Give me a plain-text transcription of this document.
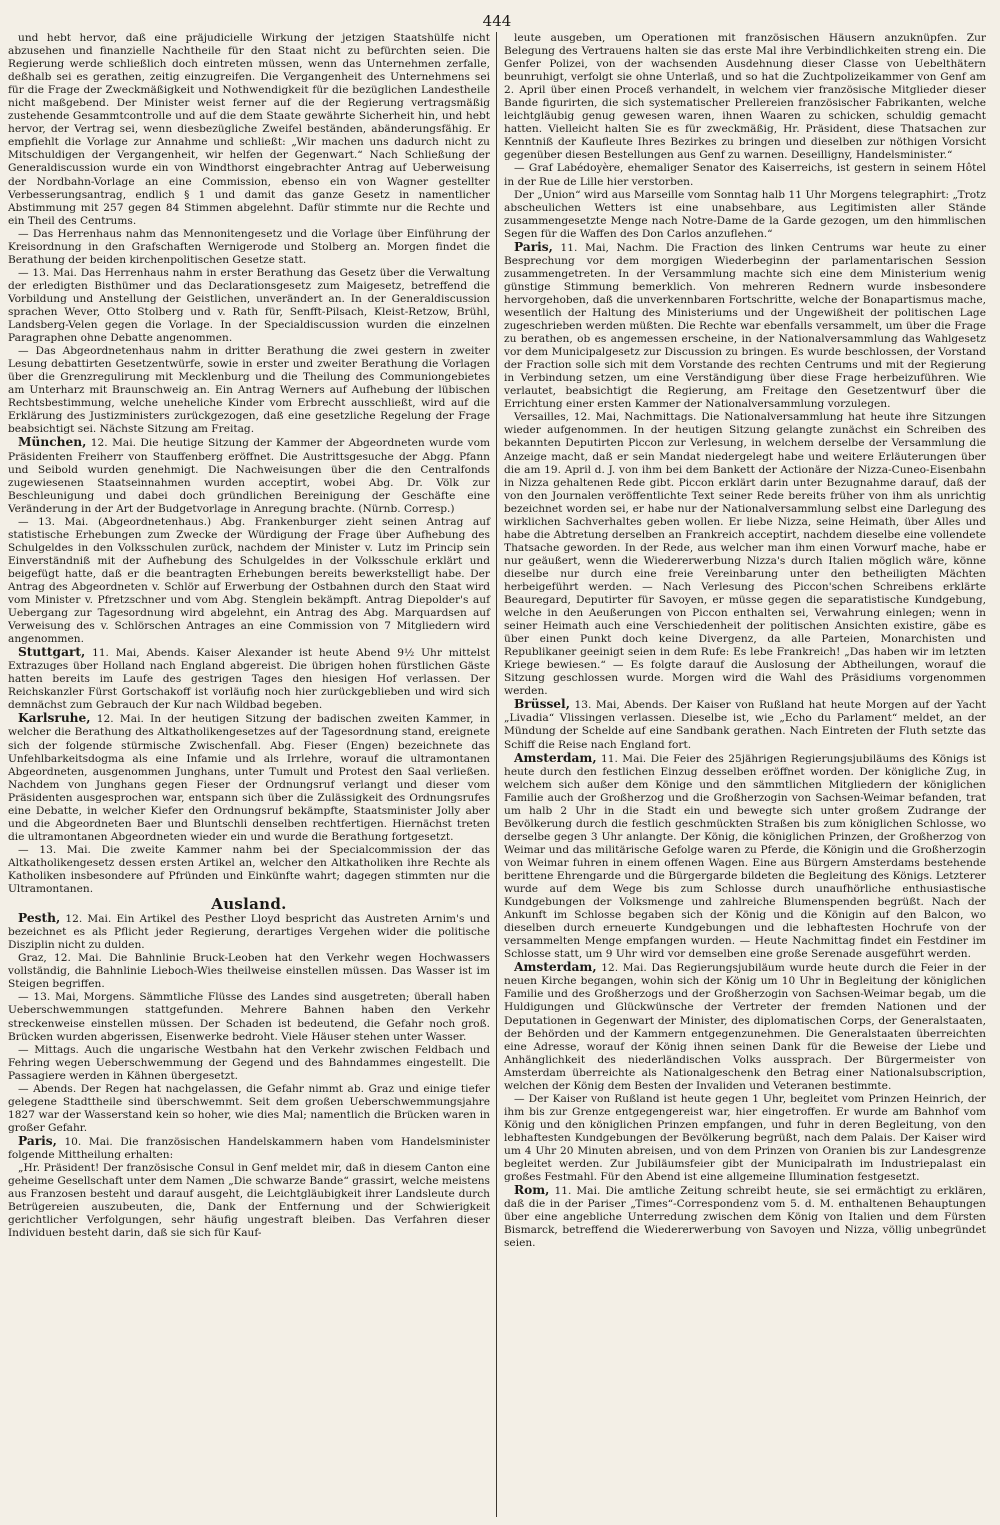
444

und hebt hervor, daß eine präjudicielle Wirkung der jetzigen Staatshülfe nicht abzusehen und finanzielle Nachtheile für den Staat nicht zu befürchten seien. Die Regierung werde schließlich doch eintreten müssen, wenn das Unternehmen zerfalle, deßhalb sei es gerathen, zeitig einzugreifen. Die Vergangenheit des Unternehmens sei für die Frage der Zweckmäßigkeit und Nothwendigkeit für die bezüglichen Landestheile nicht maßgebend. Der Minister weist ferner auf die der Regierung vertragsmäßig zustehende Gesammtcontrolle und auf die dem Staate gewährte Sicherheit hin, und hebt hervor, der Vertrag sei, wenn diesbezügliche Zweifel beständen, abänderungsfähig. Er empfiehlt die Vorlage zur Annahme und schließt: „Wir machen uns dadurch nicht zu Mitschuldigen der Vergangenheit, wir helfen der Gegenwart.“ Nach Schließung der Generaldiscussion wurde ein von Windthorst eingebrachter Antrag auf Ueberweisung der Nordbahn-Vorlage an eine Commission, ebenso ein von Wagner gestellter Verbesserungsantrag, endlich § 1 und damit das ganze Gesetz in namentlicher Abstimmung mit 257 gegen 84 Stimmen abgelehnt. Dafür stimmte nur die Rechte und ein Theil des Centrums.

— Das Herrenhaus nahm das Mennonitengesetz und die Vorlage über Einführung der Kreisordnung in den Grafschaften Wernigerode und Stolberg an. Morgen findet die Berathung der beiden kirchenpolitischen Gesetze statt.

— 13. Mai. Das Herrenhaus nahm in erster Berathung das Gesetz über die Verwaltung der erledigten Bisthümer und das Declarationsgesetz zum Maigesetz, betreffend die Vorbildung und Anstellung der Geistlichen, unverändert an. In der Generaldiscussion sprachen Wever, Otto Stolberg und v. Rath für, Senfft-Pilsach, Kleist-Retzow, Brühl, Landsberg-Velen gegen die Vorlage. In der Specialdiscussion wurden die einzelnen Paragraphen ohne Debatte angenommen.

— Das Abgeordnetenhaus nahm in dritter Berathung die zwei gestern in zweiter Lesung debattirten Gesetzentwürfe, sowie in erster und zweiter Berathung die Vorlagen über die Grenzregulirung mit Mecklenburg und die Theilung des Communiongebietes am Unterharz mit Braunschweig an. Ein Antrag Werners auf Aufhebung der lübischen Rechtsbestimmung, welche uneheliche Kinder vom Erbrecht ausschließt, wird auf die Erklärung des Justizministers zurückgezogen, daß eine gesetzliche Regelung der Frage beabsichtigt sei. Nächste Sitzung am Freitag.

München, 12. Mai. Die heutige Sitzung der Kammer der Abgeordneten wurde vom Präsidenten Freiherr von Stauffenberg eröffnet. Die Austrittsgesuche der Abgg. Pfann und Seibold wurden genehmigt. Die Nachweisungen über die den Centralfonds zugewiesenen Staatseinnahmen wurden acceptirt, wobei Abg. Dr. Völk zur Beschleunigung und dabei doch gründlichen Bereinigung der Geschäfte eine Veränderung in der Art der Budgetvorlage in Anregung brachte. (Nürnb. Corresp.)

— 13. Mai. (Abgeordnetenhaus.) Abg. Frankenburger zieht seinen Antrag auf statistische Erhebungen zum Zwecke der Würdigung der Frage über Aufhebung des Schulgeldes in den Volksschulen zurück, nachdem der Minister v. Lutz im Princip sein Einverständniß mit der Aufhebung des Schulgeldes in der Volksschule erklärt und beigefügt hatte, daß er die beantragten Erhebungen bereits bewerkstelligt habe. Der Antrag des Abgeordneten v. Schlör auf Erwerbung der Ostbahnen durch den Staat wird vom Minister v. Pfretzschner und vom Abg. Stenglein bekämpft. Antrag Diepolder's auf Uebergang zur Tagesordnung wird abgelehnt, ein Antrag des Abg. Marquardsen auf Verweisung des v. Schlörschen Antrages an eine Commission von 7 Mitgliedern wird angenommen.

Stuttgart, 11. Mai, Abends. Kaiser Alexander ist heute Abend 9½ Uhr mittelst Extrazuges über Holland nach England abgereist. Die übrigen hohen fürstlichen Gäste hatten bereits im Laufe des gestrigen Tages den hiesigen Hof verlassen. Der Reichskanzler Fürst Gortschakoff ist vorläufig noch hier zurückgeblieben und wird sich demnächst zum Gebrauch der Kur nach Wildbad begeben.

Karlsruhe, 12. Mai. In der heutigen Sitzung der badischen zweiten Kammer, in welcher die Berathung des Altkatholikengesetzes auf der Tagesordnung stand, ereignete sich der folgende stürmische Zwischenfall. Abg. Fieser (Engen) bezeichnete das Unfehlbarkeitsdogma als eine Infamie und als Irrlehre, worauf die ultramontanen Abgeordneten, ausgenommen Junghans, unter Tumult und Protest den Saal verließen. Nachdem von Junghans gegen Fieser der Ordnungsruf verlangt und dieser vom Präsidenten ausgesprochen war, entspann sich über die Zulässigkeit des Ordnungsrufes eine Debatte, in welcher Kiefer den Ordnungsruf bekämpfte, Staatsminister Jolly aber und die Abgeordneten Baer und Bluntschli denselben rechtfertigen. Hiernächst treten die ultramontanen Abgeordneten wieder ein und wurde die Berathung fortgesetzt.

— 13. Mai. Die zweite Kammer nahm bei der Specialcommission der das Altkatholikengesetz dessen ersten Artikel an, welcher den Altkatholiken ihre Rechte als Katholiken insbesondere auf Pfründen und Einkünfte wahrt; dagegen stimmten nur die Ultramontanen.

Ausland.

Pesth, 12. Mai. Ein Artikel des Pesther Lloyd bespricht das Austreten Arnim's und bezeichnet es als Pflicht jeder Regierung, derartiges Vergehen wider die politische Disziplin nicht zu dulden.

Graz, 12. Mai. Die Bahnlinie Bruck-Leoben hat den Verkehr wegen Hochwassers vollständig, die Bahnlinie Lieboch-Wies theilweise einstellen müssen. Das Wasser ist im Steigen begriffen.

— 13. Mai, Morgens. Sämmtliche Flüsse des Landes sind ausgetreten; überall haben Ueberschwemmungen stattgefunden. Mehrere Bahnen haben den Verkehr streckenweise einstellen müssen. Der Schaden ist bedeutend, die Gefahr noch groß. Brücken wurden abgerissen, Eisenwerke bedroht. Viele Häuser stehen unter Wasser.

— Mittags. Auch die ungarische Westbahn hat den Verkehr zwischen Feldbach und Fehring wegen Ueberschwemmung der Gegend und des Bahndammes eingestellt. Die Passagiere werden in Kähnen übergesetzt.

— Abends. Der Regen hat nachgelassen, die Gefahr nimmt ab. Graz und einige tiefer gelegene Stadttheile sind überschwemmt. Seit dem großen Ueberschwemmungsjahre 1827 war der Wasserstand kein so hoher, wie dies Mal; namentlich die Brücken waren in großer Gefahr.

Paris, 10. Mai. Die französischen Handelskammern haben vom Handelsminister folgende Mittheilung erhalten:

„Hr. Präsident! Der französische Consul in Genf meldet mir, daß in diesem Canton eine geheime Gesellschaft unter dem Namen „Die schwarze Bande“ grassirt, welche meistens aus Franzosen besteht und darauf ausgeht, die Leichtgläubigkeit ihrer Landsleute durch Betrügereien auszubeuten, die, Dank der Entfernung und der Schwierigkeit gerichtlicher Verfolgungen, sehr häufig ungestraft bleiben. Das Verfahren dieser Individuen besteht darin, daß sie sich für Kauf-

leute ausgeben, um Operationen mit französischen Häusern anzuknüpfen. Zur Belegung des Vertrauens halten sie das erste Mal ihre Verbindlichkeiten streng ein. Die Genfer Polizei, von der wachsenden Ausdehnung dieser Classe von Uebelthätern beunruhigt, verfolgt sie ohne Unterlaß, und so hat die Zuchtpolizeikammer von Genf am 2. April über einen Proceß verhandelt, in welchem vier französische Mitglieder dieser Bande figurirten, die sich systematischer Prellereien französischer Fabrikanten, welche leichtgläubig genug gewesen waren, ihnen Waaren zu schicken, schuldig gemacht hatten. Vielleicht halten Sie es für zweckmäßig, Hr. Präsident, diese Thatsachen zur Kenntniß der Kaufleute Ihres Bezirkes zu bringen und dieselben zur nöthigen Vorsicht gegenüber diesen Bestellungen aus Genf zu warnen. Deseilligny, Handelsminister.“

— Graf Labédoyère, ehemaliger Senator des Kaiserreichs, ist gestern in seinem Hôtel in der Rue de Lille hier verstorben.

Der „Union“ wird aus Marseille vom Sonntag halb 11 Uhr Morgens telegraphirt: „Trotz abscheulichen Wetters ist eine unabsehbare, aus Legitimisten aller Stände zusammengesetzte Menge nach Notre-Dame de la Garde gezogen, um den himmlischen Segen für die Waffen des Don Carlos anzuflehen.“

Paris, 11. Mai, Nachm. Die Fraction des linken Centrums war heute zu einer Besprechung vor dem morgigen Wiederbeginn der parlamentarischen Session zusammengetreten. In der Versammlung machte sich eine dem Ministerium wenig günstige Stimmung bemerklich. Von mehreren Rednern wurde insbesondere hervorgehoben, daß die unverkennbaren Fortschritte, welche der Bonapartismus mache, wesentlich der Haltung des Ministeriums und der Ungewißheit der politischen Lage zugeschrieben werden müßten. Die Rechte war ebenfalls versammelt, um über die Frage zu berathen, ob es angemessen erscheine, in der Nationalversammlung das Wahlgesetz vor dem Municipalgesetz zur Discussion zu bringen. Es wurde beschlossen, der Vorstand der Fraction solle sich mit dem Vorstande des rechten Centrums und mit der Regierung in Verbindung setzen, um eine Verständigung über diese Frage herbeizuführen. Wie verlautet, beabsichtigt die Regierung, am Freitage den Gesetzentwurf über die Errichtung einer ersten Kammer der Nationalversammlung vorzulegen.

Versailles, 12. Mai, Nachmittags. Die Nationalversammlung hat heute ihre Sitzungen wieder aufgenommen. In der heutigen Sitzung gelangte zunächst ein Schreiben des bekannten Deputirten Piccon zur Verlesung, in welchem derselbe der Versammlung die Anzeige macht, daß er sein Mandat niedergelegt habe und weitere Erläuterungen über die am 19. April d. J. von ihm bei dem Bankett der Actionäre der Nizza-Cuneo-Eisenbahn in Nizza gehaltenen Rede gibt. Piccon erklärt darin unter Bezugnahme darauf, daß der von den Journalen veröffentlichte Text seiner Rede bereits früher von ihm als unrichtig bezeichnet worden sei, er habe nur der Nationalversammlung selbst eine Darlegung des wirklichen Sachverhaltes geben wollen. Er liebe Nizza, seine Heimath, über Alles und habe die Abtretung derselben an Frankreich acceptirt, nachdem dieselbe eine vollendete Thatsache geworden. In der Rede, aus welcher man ihm einen Vorwurf mache, habe er nur geäußert, wenn die Wiedererwerbung Nizza's durch Italien möglich wäre, könne dieselbe nur durch eine freie Vereinbarung unter den betheiligten Mächten herbeigeführt werden. — Nach Verlesung des Piccon'schen Schreibens erklärte Beauregard, Deputirter für Savoyen, er müsse gegen die separatistische Kundgebung, welche in den Aeußerungen von Piccon enthalten sei, Verwahrung einlegen; wenn in seiner Heimath auch eine Verschiedenheit der politischen Ansichten existire, gäbe es über einen Punkt doch keine Divergenz, da alle Parteien, Monarchisten und Republikaner geeinigt seien in dem Rufe: Es lebe Frankreich! „Das haben wir im letzten Kriege bewiesen.“ — Es folgte darauf die Auslosung der Abtheilungen, worauf die Sitzung geschlossen wurde. Morgen wird die Wahl des Präsidiums vorgenommen werden.

Brüssel, 13. Mai, Abends. Der Kaiser von Rußland hat heute Morgen auf der Yacht „Livadia“ Vlissingen verlassen. Dieselbe ist, wie „Echo du Parlament“ meldet, an der Mündung der Schelde auf eine Sandbank gerathen. Nach Eintreten der Fluth setzte das Schiff die Reise nach England fort.

Amsterdam, 11. Mai. Die Feier des 25jährigen Regierungsjubiläums des Königs ist heute durch den festlichen Einzug desselben eröffnet worden. Der königliche Zug, in welchem sich außer dem Könige und den sämmtlichen Mitgliedern der königlichen Familie auch der Großherzog und die Großherzogin von Sachsen-Weimar befanden, trat um halb 2 Uhr in die Stadt ein und bewegte sich unter großem Zudrange der Bevölkerung durch die festlich geschmückten Straßen bis zum königlichen Schlosse, wo derselbe gegen 3 Uhr anlangte. Der König, die königlichen Prinzen, der Großherzog von Weimar und das militärische Gefolge waren zu Pferde, die Königin und die Großherzogin von Weimar fuhren in einem offenen Wagen. Eine aus Bürgern Amsterdams bestehende berittene Ehrengarde und die Bürgergarde bildeten die Begleitung des Königs. Letzterer wurde auf dem Wege bis zum Schlosse durch unaufhörliche enthusiastische Kundgebungen der Volksmenge und zahlreiche Blumenspenden begrüßt. Nach der Ankunft im Schlosse begaben sich der König und die Königin auf den Balcon, wo dieselben durch erneuerte Kundgebungen und die lebhaftesten Hochrufe von der versammelten Menge empfangen wurden. — Heute Nachmittag findet ein Festdiner im Schlosse statt, um 9 Uhr wird vor demselben eine große Serenade ausgeführt werden.

Amsterdam, 12. Mai. Das Regierungsjubiläum wurde heute durch die Feier in der neuen Kirche begangen, wohin sich der König um 10 Uhr in Begleitung der königlichen Familie und des Großherzogs und der Großherzogin von Sachsen-Weimar begab, um die Huldigungen und Glückwünsche der Vertreter der fremden Nationen und der Deputationen in Gegenwart der Minister, des diplomatischen Corps, der Generalstaaten, der Behörden und der Kammern entgegenzunehmen. Die Generalstaaten überreichten eine Adresse, worauf der König ihnen seinen Dank für die Beweise der Liebe und Anhänglichkeit des niederländischen Volks aussprach. Der Bürgermeister von Amsterdam überreichte als Nationalgeschenk den Betrag einer Nationalsubscription, welchen der König dem Besten der Invaliden und Veteranen bestimmte.

— Der Kaiser von Rußland ist heute gegen 1 Uhr, begleitet vom Prinzen Heinrich, der ihm bis zur Grenze entgegengereist war, hier eingetroffen. Er wurde am Bahnhof vom König und den königlichen Prinzen empfangen, und fuhr in deren Begleitung, von den lebhaftesten Kundgebungen der Bevölkerung begrüßt, nach dem Palais. Der Kaiser wird um 4 Uhr 20 Minuten abreisen, und von dem Prinzen von Oranien bis zur Landesgrenze begleitet werden. Zur Jubiläumsfeier gibt der Municipalrath im Industriepalast ein großes Festmahl. Für den Abend ist eine allgemeine Illumination festgesetzt.

Rom, 11. Mai. Die amtliche Zeitung schreibt heute, sie sei ermächtigt zu erklären, daß die in der Pariser „Times“-Correspondenz vom 5. d. M. enthaltenen Behauptungen über eine angebliche Unterredung zwischen dem König von Italien und dem Fürsten Bismarck, betreffend die Wiedererwerbung von Savoyen und Nizza, völlig unbegründet seien.
